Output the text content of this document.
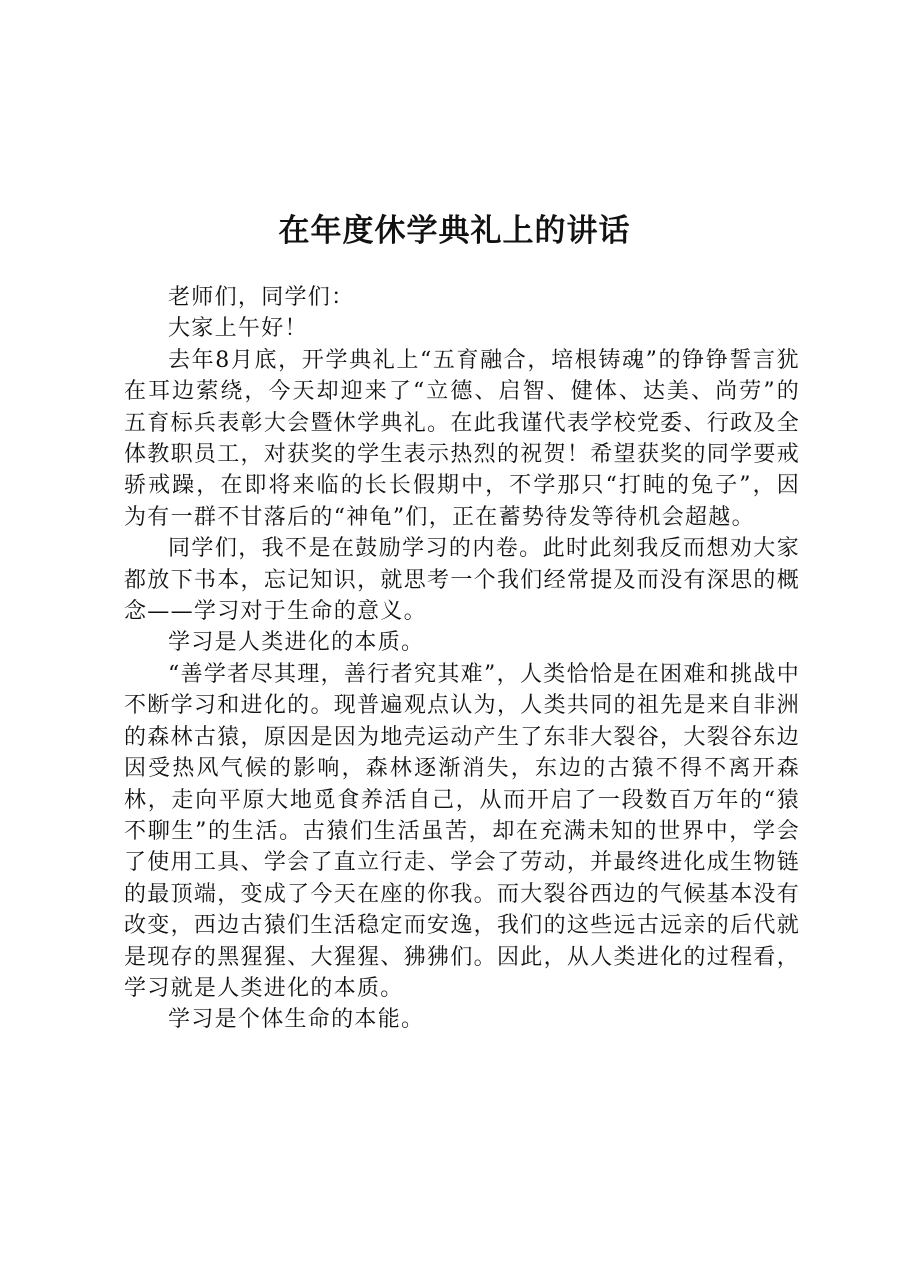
在年度休学典礼上的讲话

老师们，同学们：

大家上午好！

去年8月底，开学典礼上“五育融合，培根铸魂”的铮铮誓言犹在耳边萦绕，今天却迎来了“立德、启智、健体、达美、尚劳”的五育标兵表彰大会暨休学典礼。在此我谨代表学校党委、行政及全体教职员工，对获奖的学生表示热烈的祝贺！希望获奖的同学要戒骄戒躁，在即将来临的长长假期中，不学那只“打盹的兔子”，因为有一群不甘落后的“神龟”们，正在蓄势待发等待机会超越。

同学们，我不是在鼓励学习的内卷。此时此刻我反而想劝大家都放下书本，忘记知识，就思考一个我们经常提及而没有深思的概念——学习对于生命的意义。

学习是人类进化的本质。

“善学者尽其理，善行者究其难”，人类恰恰是在困难和挑战中不断学习和进化的。现普遍观点认为，人类共同的祖先是来自非洲的森林古猿，原因是因为地壳运动产生了东非大裂谷，大裂谷东边因受热风气候的影响，森林逐渐消失，东边的古猿不得不离开森林，走向平原大地觅食养活自己，从而开启了一段数百万年的“猿不聊生”的生活。古猿们生活虽苦，却在充满未知的世界中，学会了使用工具、学会了直立行走、学会了劳动，并最终进化成生物链的最顶端，变成了今天在座的你我。而大裂谷西边的气候基本没有改变，西边古猿们生活稳定而安逸，我们的这些远古远亲的后代就是现存的黑猩猩、大猩猩、狒狒们。因此，从人类进化的过程看，学习就是人类进化的本质。

学习是个体生命的本能。
